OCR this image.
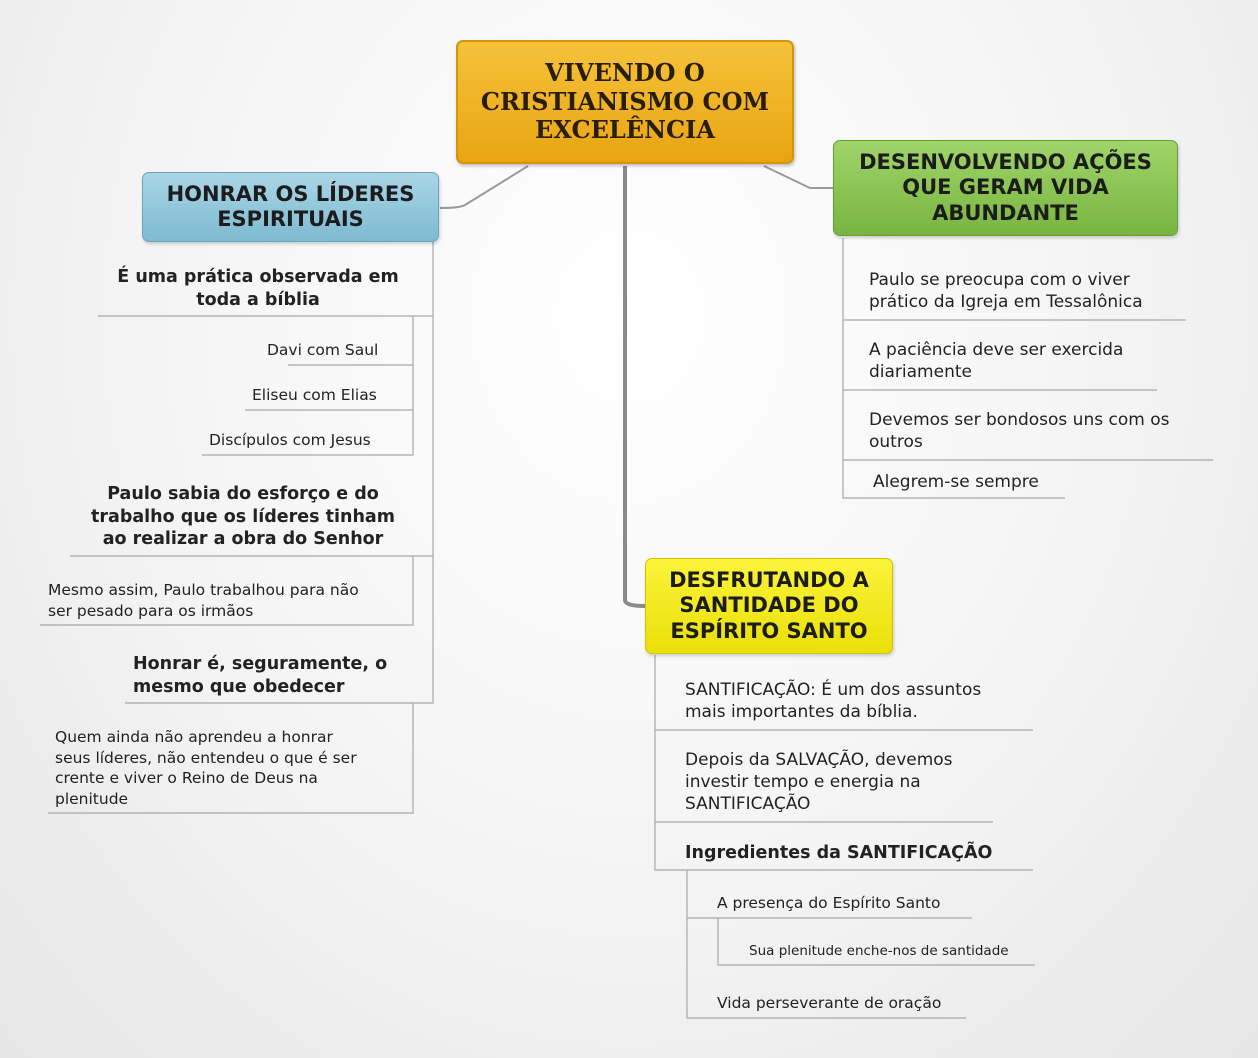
VIVENDO O
CRISTIANISMO COM
EXCELÊNCIA
HONRAR OS LÍDERES
ESPIRITUAIS
É uma prática observada em
toda a bíblia
Davi com Saul
Eliseu com Elias
Discípulos com Jesus
Paulo sabia do esforço e do
trabalho que os líderes tinham
ao realizar a obra do Senhor
Mesmo assim, Paulo trabalhou para não
ser pesado para os irmãos
Honrar é, seguramente, o
mesmo que obedecer
Quem ainda não aprendeu a honrar
seus líderes, não entendeu o que é ser
crente e viver o Reino de Deus na
plenitude
DESENVOLVENDO AÇÕES
QUE GERAM VIDA
ABUNDANTE
Paulo se preocupa com o viver
prático da Igreja em Tessalônica
A paciência deve ser exercida
diariamente
Devemos ser bondosos uns com os
outros
Alegrem-se sempre
DESFRUTANDO A
SANTIDADE DO
ESPÍRITO SANTO
SANTIFICAÇÃO: É um dos assuntos
mais importantes da bíblia.
Depois da SALVAÇÃO, devemos
investir tempo e energia na
SANTIFICAÇÃO
Ingredientes da SANTIFICAÇÃO
A presença do Espírito Santo
Sua plenitude enche-nos de santidade
Vida perseverante de oração
